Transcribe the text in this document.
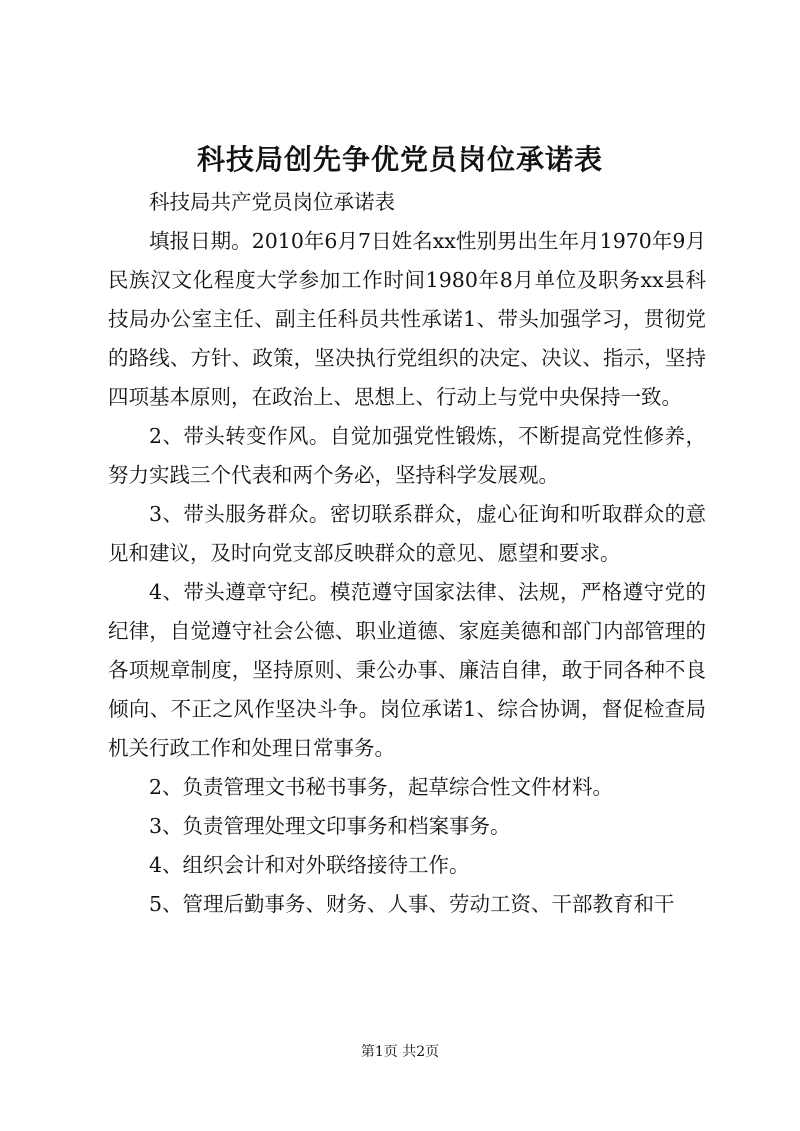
科技局创先争优党员岗位承诺表

科技局共产党员岗位承诺表

填报日期。2010年6月7日姓名xx性别男出生年月1970年9月民族汉文化程度大学参加工作时间1980年8月单位及职务xx县科技局办公室主任、副主任科员共性承诺1、带头加强学习，贯彻党的路线、方针、政策，坚决执行党组织的决定、决议、指示，坚持四项基本原则，在政治上、思想上、行动上与党中央保持一致。

2、带头转变作风。自觉加强党性锻炼，不断提高党性修养，努力实践三个代表和两个务必，坚持科学发展观。

3、带头服务群众。密切联系群众，虚心征询和听取群众的意见和建议，及时向党支部反映群众的意见、愿望和要求。

4、带头遵章守纪。模范遵守国家法律、法规，严格遵守党的纪律，自觉遵守社会公德、职业道德、家庭美德和部门内部管理的各项规章制度，坚持原则、秉公办事、廉洁自律，敢于同各种不良倾向、不正之风作坚决斗争。岗位承诺1、综合协调，督促检查局机关行政工作和处理日常事务。

2、负责管理文书秘书事务，起草综合性文件材料。

3、负责管理处理文印事务和档案事务。

4、组织会计和对外联络接待工作。

5、管理后勤事务、财务、人事、劳动工资、干部教育和干

第1页 共2页
